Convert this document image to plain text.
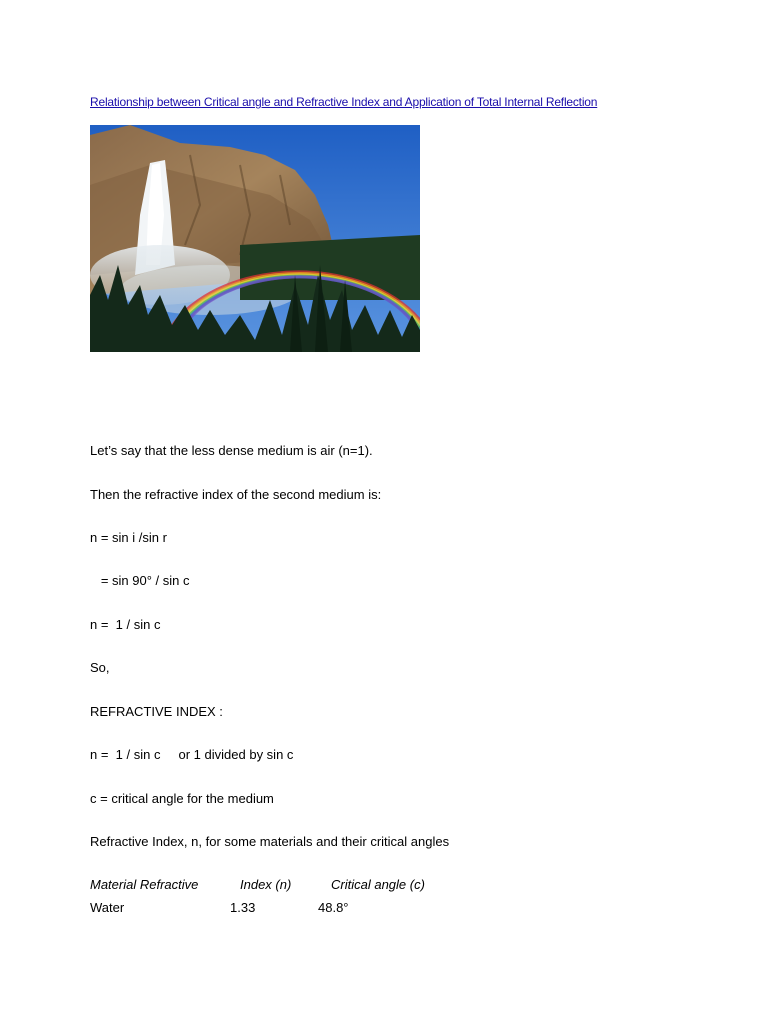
Relationship between Critical angle and Refractive Index and Application of Total Internal Reflection
Let’s say that the less dense medium is air (n=1).
Then the refractive index of the second medium is:
n = sin i /sin r
= sin 90° / sin c
n =  1 / sin c
So,
REFRACTIVE INDEX :
n =  1 / sin c     or 1 divided by sin c
c = critical angle for the medium
Refractive Index, n, for some materials and their critical angles
Material Refractive	Index (n)	Critical angle (c)
Water	1.33	48.8°
